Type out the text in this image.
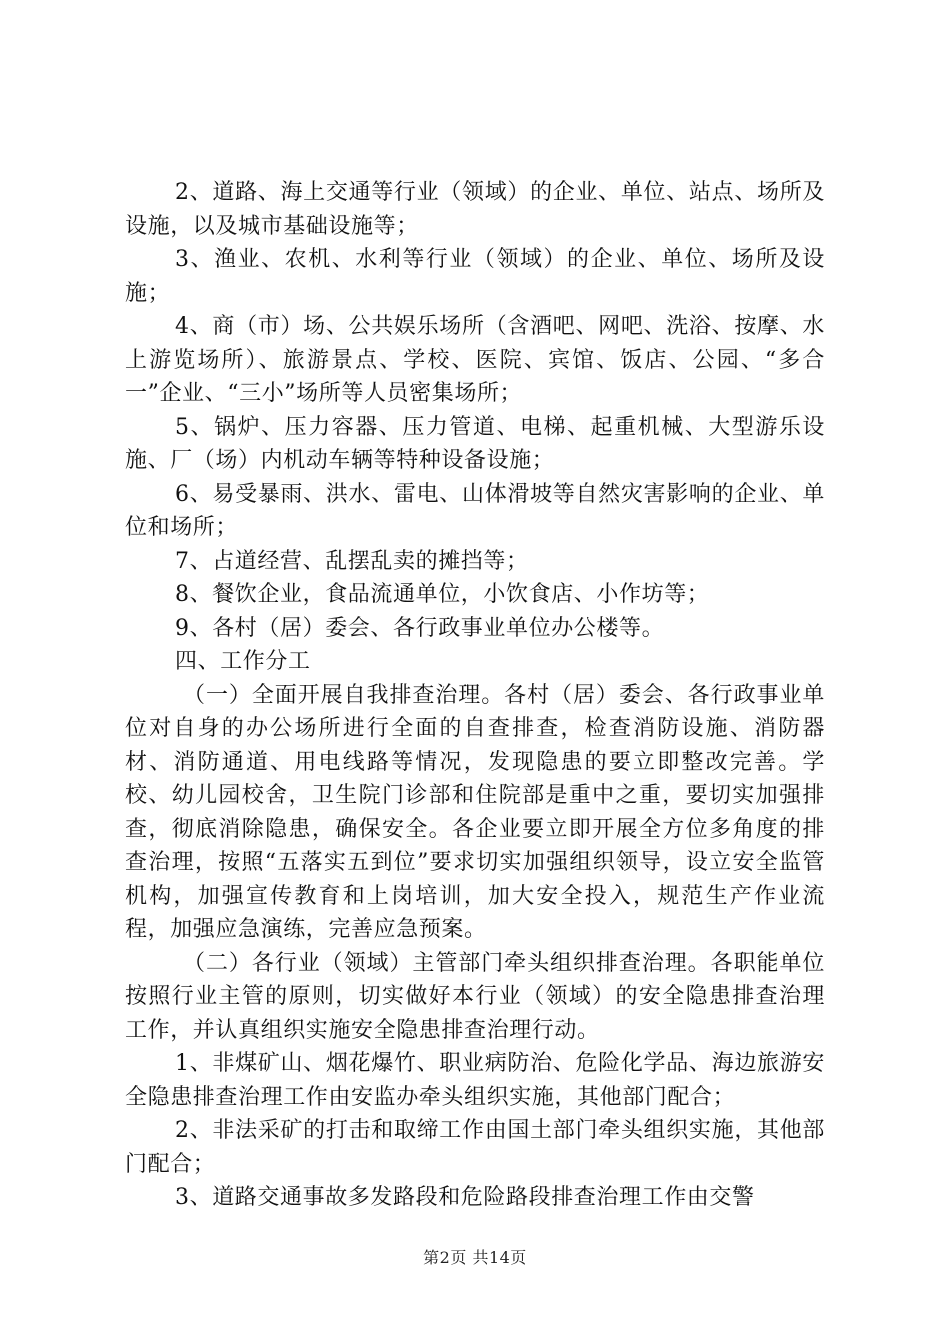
2、道路、海上交通等行业（领域）的企业、单位、站点、场所及设施，以及城市基础设施等；

3、渔业、农机、水利等行业（领域）的企业、单位、场所及设施；

4、商（市）场、公共娱乐场所（含酒吧、网吧、洗浴、按摩、水上游览场所）、旅游景点、学校、医院、宾馆、饭店、公园、“多合一”企业、“三小”场所等人员密集场所；

5、锅炉、压力容器、压力管道、电梯、起重机械、大型游乐设施、厂（场）内机动车辆等特种设备设施；

6、易受暴雨、洪水、雷电、山体滑坡等自然灾害影响的企业、单位和场所；

7、占道经营、乱摆乱卖的摊挡等；

8、餐饮企业，食品流通单位，小饮食店、小作坊等；

9、各村（居）委会、各行政事业单位办公楼等。

四、工作分工

（一）全面开展自我排查治理。各村（居）委会、各行政事业单位对自身的办公场所进行全面的自查排查，检查消防设施、消防器材、消防通道、用电线路等情况，发现隐患的要立即整改完善。学校、幼儿园校舍，卫生院门诊部和住院部是重中之重，要切实加强排查，彻底消除隐患，确保安全。各企业要立即开展全方位多角度的排查治理，按照“五落实五到位”要求切实加强组织领导，设立安全监管机构，加强宣传教育和上岗培训，加大安全投入，规范生产作业流程，加强应急演练，完善应急预案。

（二）各行业（领域）主管部门牵头组织排查治理。各职能单位按照行业主管的原则，切实做好本行业（领域）的安全隐患排查治理工作，并认真组织实施安全隐患排查治理行动。

1、非煤矿山、烟花爆竹、职业病防治、危险化学品、海边旅游安全隐患排查治理工作由安监办牵头组织实施，其他部门配合；

2、非法采矿的打击和取缔工作由国土部门牵头组织实施，其他部门配合；

3、道路交通事故多发路段和危险路段排查治理工作由交警

第2页 共14页
